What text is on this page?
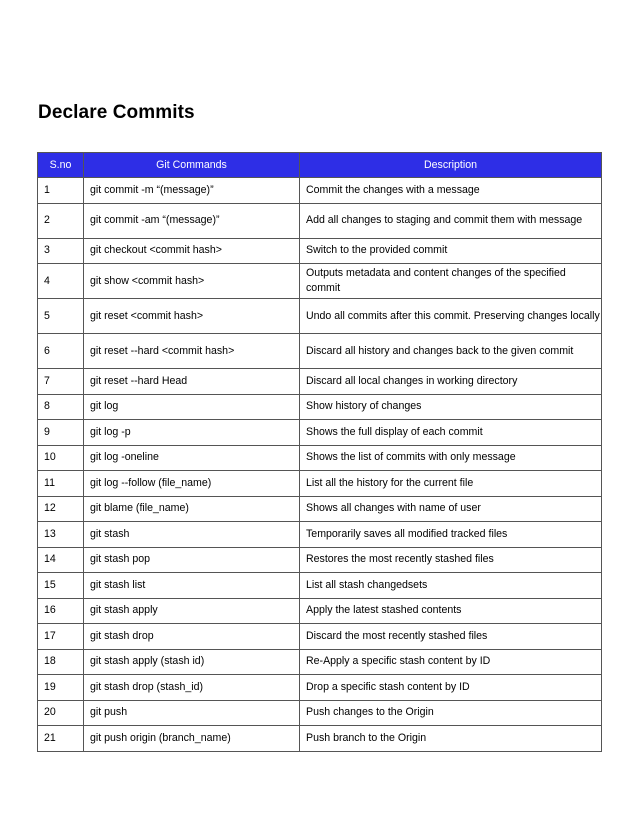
Declare Commits
S.no	Git Commands	Description
1	git commit -m “(message)”	Commit the changes with a message
2	git commit -am “(message)”	Add all changes to staging and commit them with message
3	git checkout <commit hash>	Switch to the provided commit
4	git show <commit hash>	Outputs metadata and content changes of the specified commit
5	git reset <commit hash>	Undo all commits after this commit. Preserving changes locally
6	git reset --hard <commit hash>	Discard all history and changes back to the given commit
7	git reset --hard Head	Discard all local changes in working directory
8	git log	Show history of changes
9	git log -p	Shows the full display of each commit
10	git log -oneline	Shows the list of commits with only message
11	git log --follow (file_name)	List all the history for the current file
12	git blame (file_name)	Shows all changes with name of user
13	git stash	Temporarily saves all modified tracked files
14	git stash pop	Restores the most recently stashed files
15	git stash list	List all stash changedsets
16	git stash apply	Apply the latest stashed contents
17	git stash drop	Discard the most recently stashed files
18	git stash apply (stash id)	Re-Apply a specific stash content by ID
19	git stash drop (stash_id)	Drop a specific stash content by ID
20	git push	Push changes to the Origin
21	git push origin (branch_name)	Push branch to the Origin
